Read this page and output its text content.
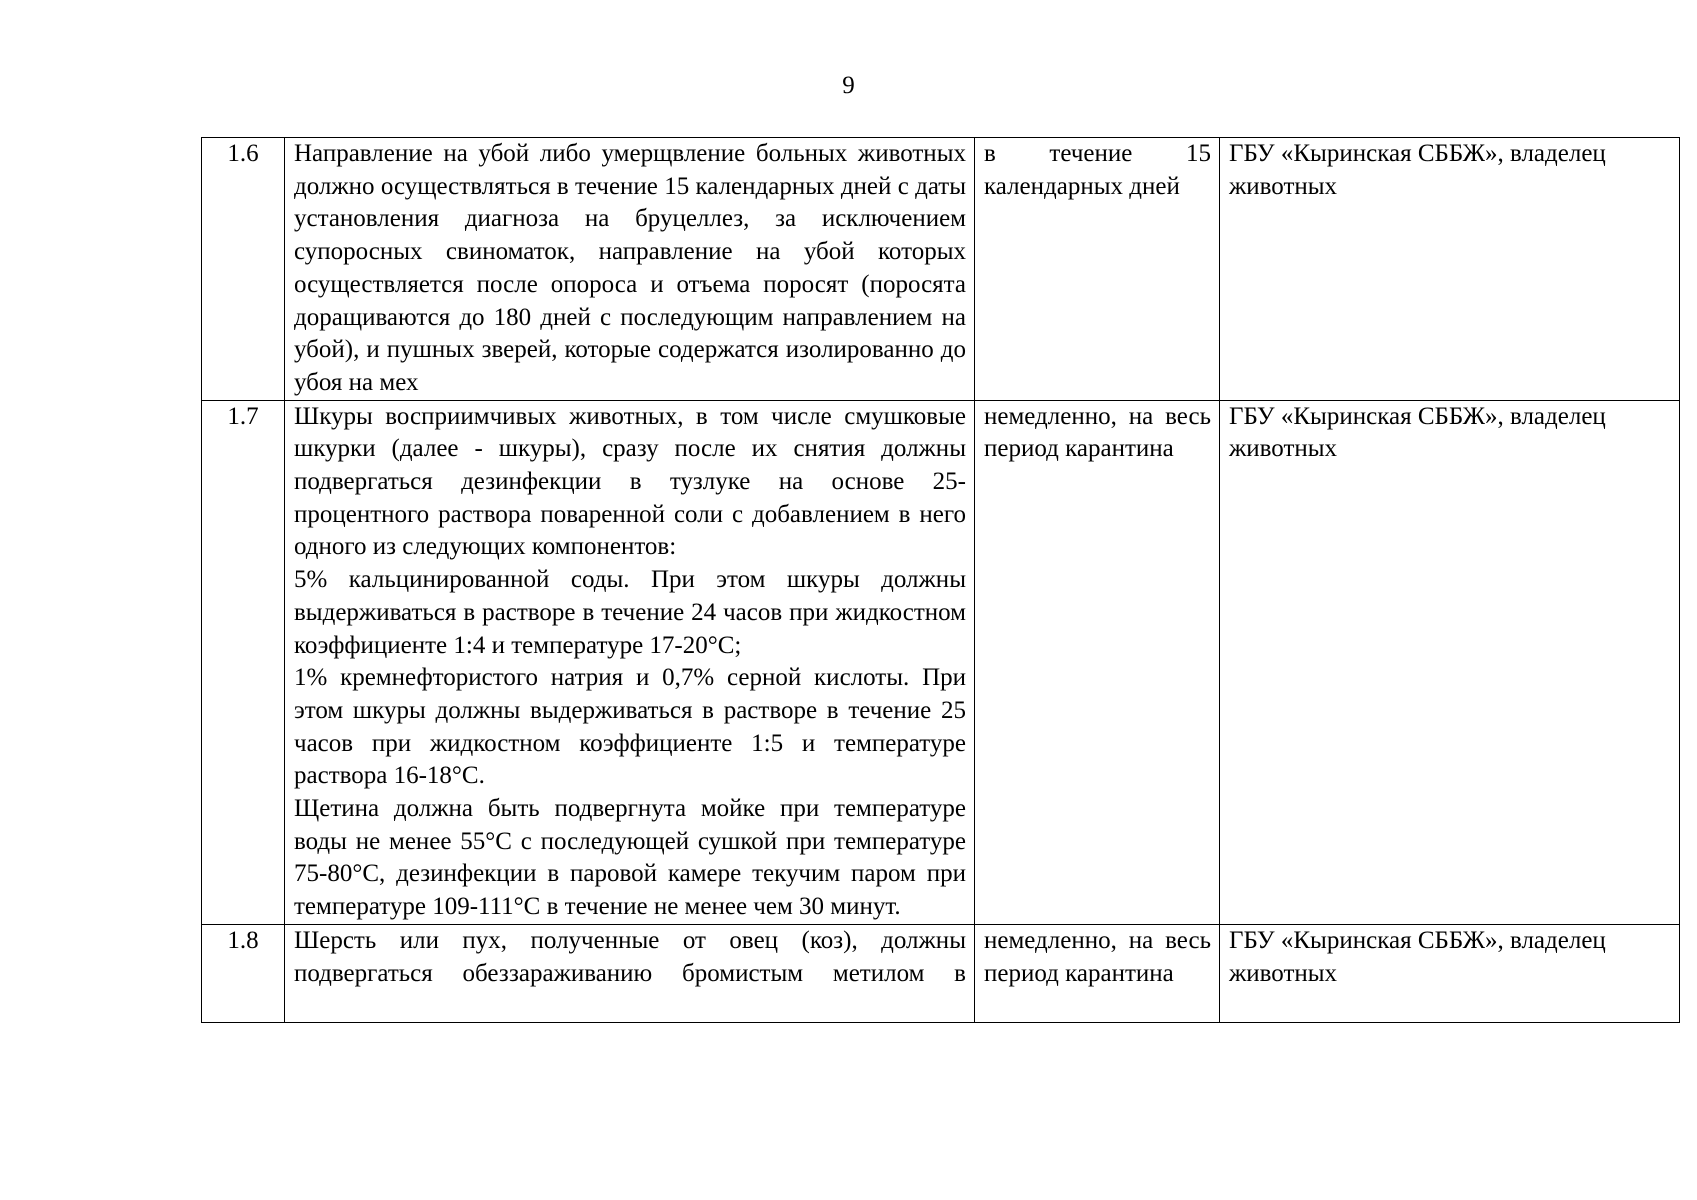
9
1.6	Направление на убой либо умерщвление больных животных должно осуществляться в течение 15 календарных дней с даты установления диагноза на бруцеллез, за исключением супоросных свиноматок, направление на убой которых осуществляется после опороса и отъема поросят (поросята доращиваются до 180 дней с последующим направлением на убой), и пушных зверей, которые содержатся изолированно до убоя на мех	в течение 15 календарных дней	ГБУ «Кыринская СББЖ», владелец животных

1.7	Шкуры восприимчивых животных, в том числе смушковые шкурки (далее - шкуры), сразу после их снятия должны подвергаться дезинфекции в тузлуке на основе 25-процентного раствора поваренной соли с добавлением в него одного из следующих компонентов:

5% кальцинированной соды. При этом шкуры должны выдерживаться в растворе в течение 24 часов при жидкостном коэффициенте 1:4 и температуре 17-20°С;

1% кремнефтористого натрия и 0,7% серной кислоты. При этом шкуры должны выдерживаться в растворе в течение 25 часов при жидкостном коэффициенте 1:5 и температуре раствора 16-18°С.

Щетина должна быть подвергнута мойке при температуре воды не менее 55°С с последующей сушкой при температуре 75-80°С, дезинфекции в паровой камере текучим паром при температуре 109-111°С в течение не менее чем 30 минут.	немедленно, на весь период карантина	ГБУ «Кыринская СББЖ», владелец животных

1.8	Шерсть или пух, полученные от овец (коз), должны подвергаться обеззараживанию бромистым метилом в	немедленно, на весь период карантина	ГБУ «Кыринская СББЖ», владелец животных
